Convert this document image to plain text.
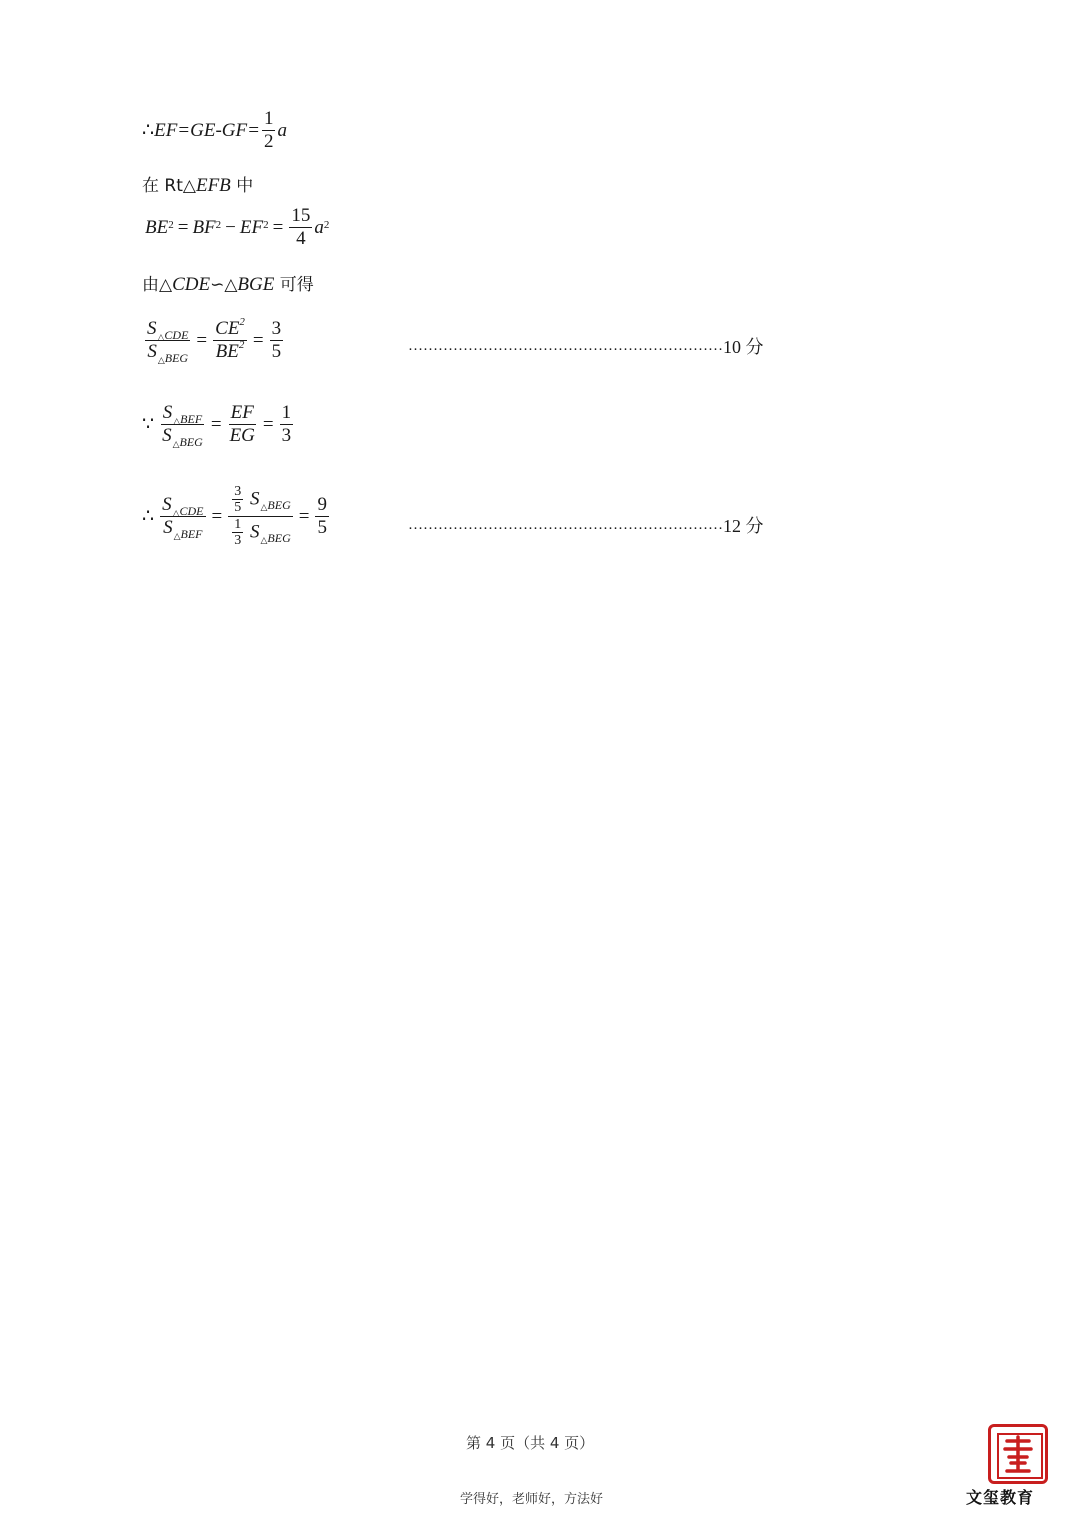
∴ $EF=GE-GF= \frac{1}{2}$ a
在 Rt△EFB 中
$BE^2 = BF^2 - EF^2 = \frac{15}{4} a^2$
由△CDE∽△BGE 可得
$\frac{S_{\triangle CDE}}{S_{\triangle BEG}} = \frac{CE^2}{BE^2} = \frac{3}{5}$	……………………………………………………… 10 分
∵ $\frac{S_{\triangle BEF}}{S_{\triangle BEG}} = \frac{EF}{EG} = \frac{1}{3}$
∴ $\frac{S_{\triangle CDE}}{S_{\triangle BEF}} = \frac{\frac{3}{5} S_{\triangle BEG}}{\frac{1}{3} S_{\triangle BEG}} = \frac{9}{5}$	……………………………………………………… 12 分
第 4 页（共 4 页）
学得好，老师好，方法好	文玺教育
